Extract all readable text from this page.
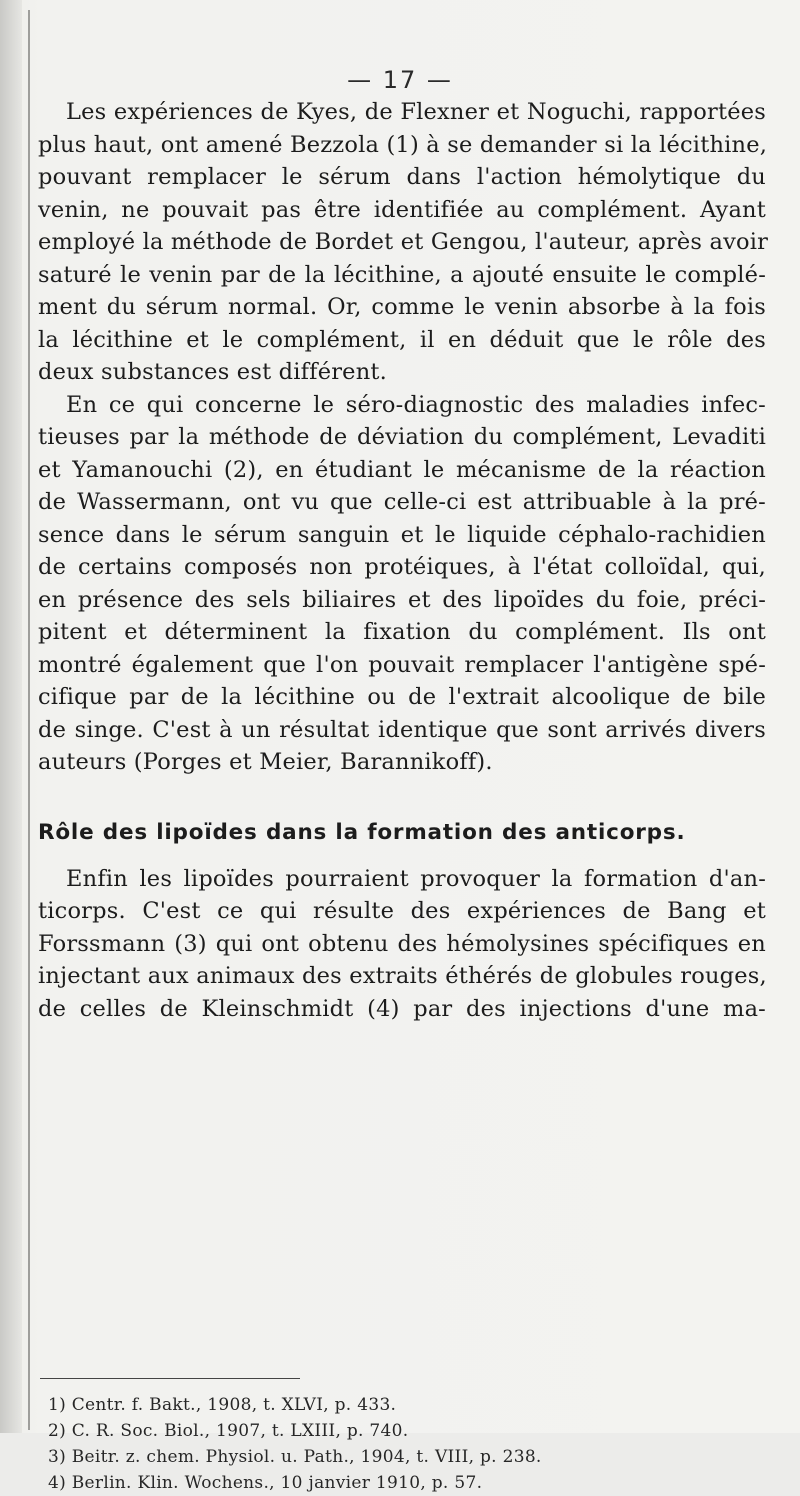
— 17 —
Les expériences de Kyes, de Flexner et Noguchi, rapportées
plus haut, ont amené Bezzola (1) à se demander si la lécithine,
pouvant remplacer le sérum dans l'action hémolytique du
venin, ne pouvait pas être identifiée au complément. Ayant
employé la méthode de Bordet et Gengou, l'auteur, après avoir
saturé le venin par de la lécithine, a ajouté ensuite le complé-
ment du sérum normal. Or, comme le venin absorbe à la fois
la lécithine et le complément, il en déduit que le rôle des
deux substances est différent.
En ce qui concerne le séro-diagnostic des maladies infec-
tieuses par la méthode de déviation du complément, Levaditi
et Yamanouchi (2), en étudiant le mécanisme de la réaction
de Wassermann, ont vu que celle-ci est attribuable à la pré-
sence dans le sérum sanguin et le liquide céphalo-rachidien
de certains composés non protéiques, à l'état colloïdal, qui,
en présence des sels biliaires et des lipoïdes du foie, préci-
pitent et déterminent la fixation du complément. Ils ont
montré également que l'on pouvait remplacer l'antigène spé-
cifique par de la lécithine ou de l'extrait alcoolique de bile
de singe. C'est à un résultat identique que sont arrivés divers
auteurs (Porges et Meier, Barannikoff).
Rôle des lipoïdes dans la formation des anticorps.
Enfin les lipoïdes pourraient provoquer la formation d'an-
ticorps. C'est ce qui résulte des expériences de Bang et
Forssmann (3) qui ont obtenu des hémolysines spécifiques en
injectant aux animaux des extraits éthérés de globules rouges,
de celles de Kleinschmidt (4) par des injections d'une ma-
1) Centr. f. Bakt., 1908, t. XLVI, p. 433.
2) C. R. Soc. Biol., 1907, t. LXIII, p. 740.
3) Beitr. z. chem. Physiol. u. Path., 1904, t. VIII, p. 238.
4) Berlin. Klin. Wochens., 10 janvier 1910, p. 57.
